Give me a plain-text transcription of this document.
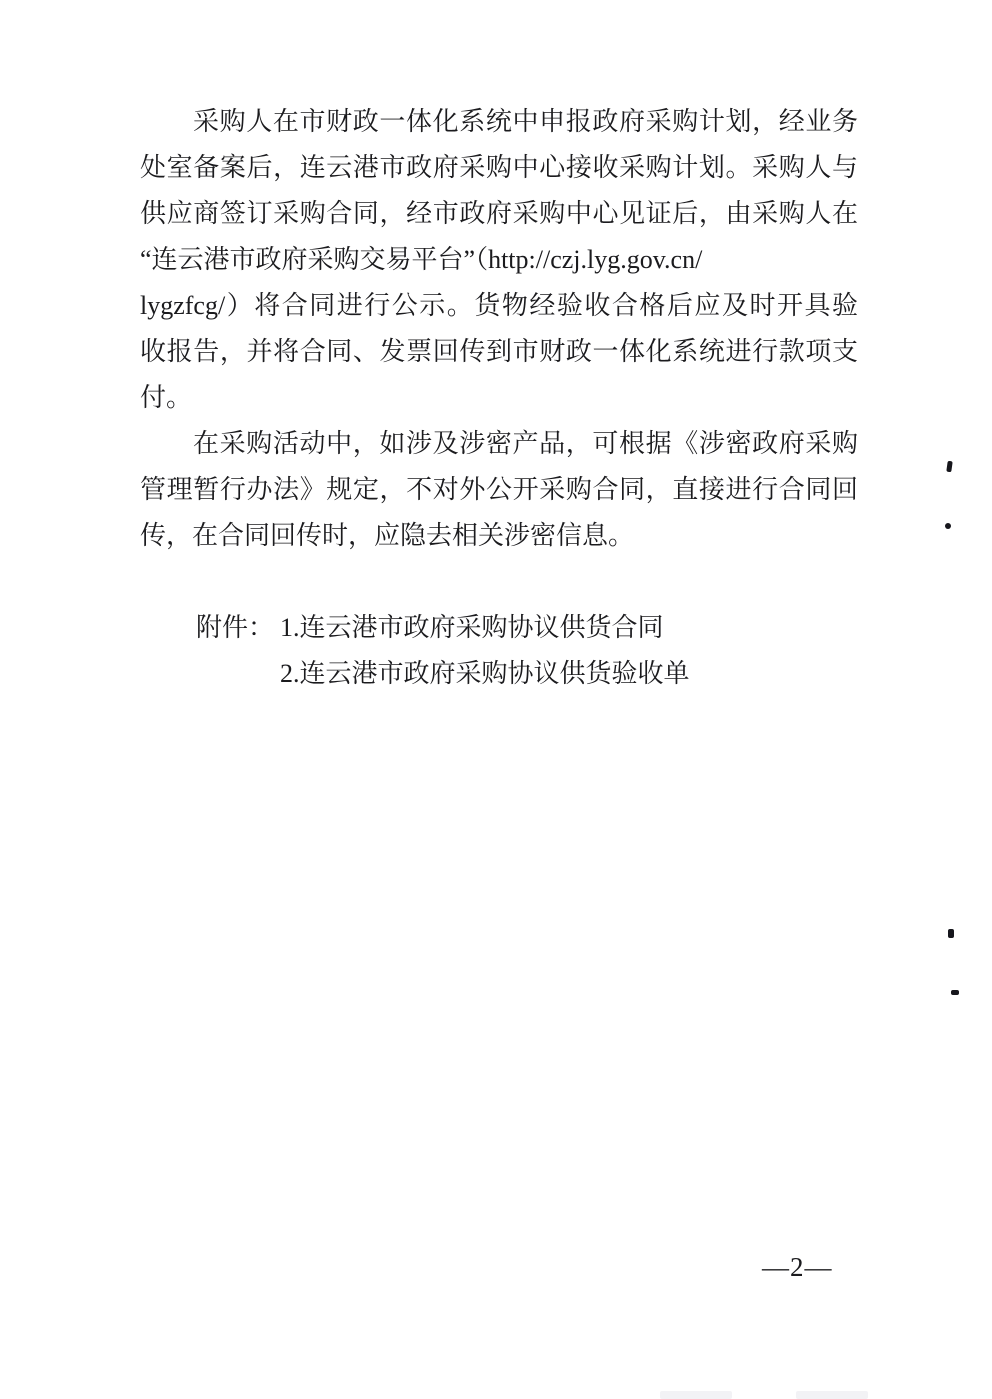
采购人在市财政一体化系统中申报政府采购计划，经业务
处室备案后，连云港市政府采购中心接收采购计划。采购人与
供应商签订采购合同，经市政府采购中心见证后，由采购人在
“连云港市政府采购交易平台”（http://czj.lyg.gov.cn/
lygzfcg/）将合同进行公示。货物经验收合格后应及时开具验
收报告，并将合同、发票回传到市财政一体化系统进行款项支
付。
在采购活动中，如涉及涉密产品，可根据《涉密政府采购
管理暂行办法》规定，不对外公开采购合同，直接进行合同回
传，在合同回传时，应隐去相关涉密信息。
附件： 1.连云港市政府采购协议供货合同
2.连云港市政府采购协议供货验收单
—2—
